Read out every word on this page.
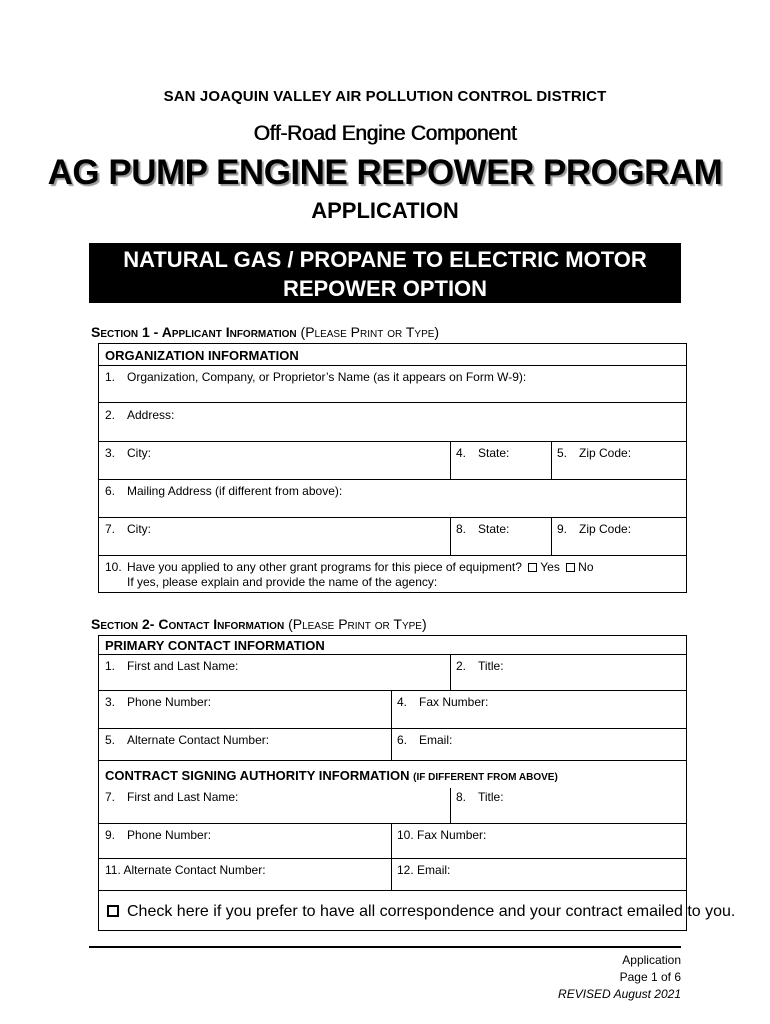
SAN JOAQUIN VALLEY AIR POLLUTION CONTROL DISTRICT
Off-Road Engine Component
AG PUMP ENGINE REPOWER PROGRAM
APPLICATION
NATURAL GAS / PROPANE TO ELECTRIC MOTOR
REPOWER OPTION
Section 1 - Applicant Information (Please Print or Type)
ORGANIZATION INFORMATION
1. Organization, Company, or Proprietor’s Name (as it appears on Form W-9):
2. Address:
3. City:	4. State:	5. Zip Code:
6. Mailing Address (if different from above):
7. City:	8. State:	9. Zip Code:
10. Have you applied to any other grant programs for this piece of equipment? Yes No
If yes, please explain and provide the name of the agency:
Section 2- Contact Information (Please Print or Type)
PRIMARY CONTACT INFORMATION
1. First and Last Name:	2. Title:
3. Phone Number:	4. Fax Number:
5. Alternate Contact Number:	6. Email:
CONTRACT SIGNING AUTHORITY INFORMATION (IF DIFFERENT FROM ABOVE)
7. First and Last Name:	8. Title:
9. Phone Number:	10. Fax Number:
11. Alternate Contact Number:	12. Email:
Check here if you prefer to have all correspondence and your contract emailed to you.
Application
Page 1 of 6
REVISED August 2021
